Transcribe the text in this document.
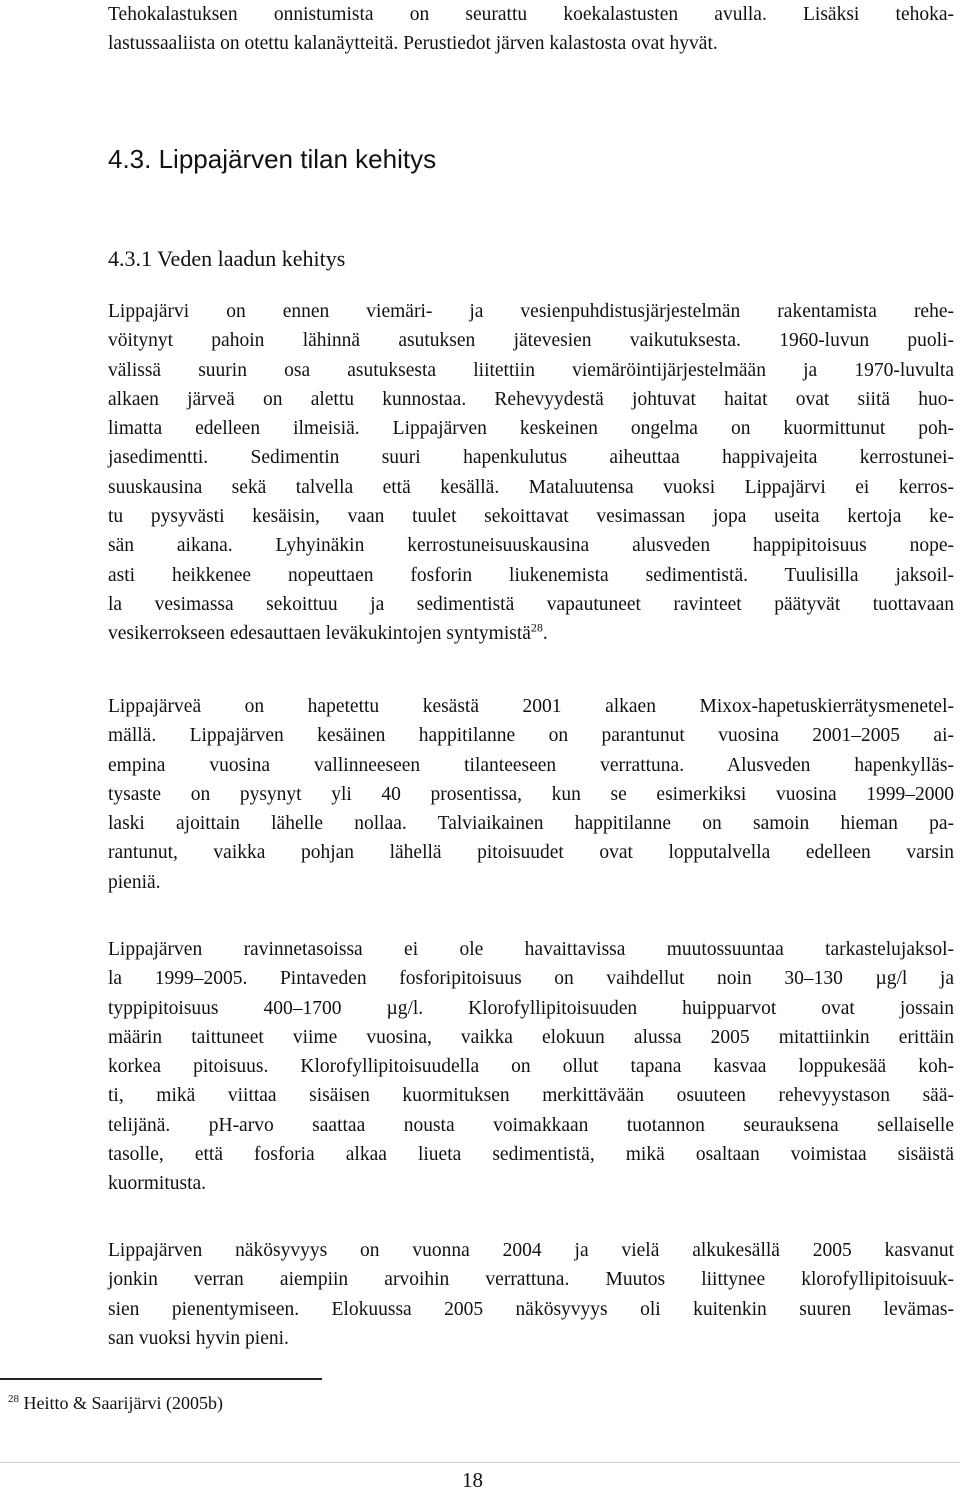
Tehokalastuksen onnistumista on seurattu koekalastusten avulla. Lisäksi tehoka-
lastussaaliista on otettu kalanäytteitä. Perustiedot järven kalastosta ovat hyvät.
4.3. Lippajärven tilan kehitys
4.3.1 Veden laadun kehitys
Lippajärvi on ennen viemäri- ja vesienpuhdistusjärjestelmän rakentamista rehe-
vöitynyt pahoin lähinnä asutuksen jätevesien vaikutuksesta. 1960-luvun puoli-
välissä suurin osa asutuksesta liitettiin viemäröintijärjestelmään ja 1970-luvulta
alkaen järveä on alettu kunnostaa. Rehevyydestä johtuvat haitat ovat siitä huo-
limatta edelleen ilmeisiä. Lippajärven keskeinen ongelma on kuormittunut poh-
jasedimentti. Sedimentin suuri hapenkulutus aiheuttaa happivajeita kerrostunei-
suuskausina sekä talvella että kesällä. Mataluutensa vuoksi Lippajärvi ei kerros-
tu pysyvästi kesäisin, vaan tuulet sekoittavat vesimassan jopa useita kertoja ke-
sän aikana. Lyhyinäkin kerrostuneisuuskausina alusveden happipitoisuus nope-
asti heikkenee nopeuttaen fosforin liukenemista sedimentistä. Tuulisilla jaksoil-
la vesimassa sekoittuu ja sedimentistä vapautuneet ravinteet päätyvät tuottavaan
vesikerrokseen edesauttaen leväkukintojen syntymistä$^{28}$.
Lippajärveä on hapetettu kesästä 2001 alkaen Mixox-hapetuskierrätysmenetel-
mällä. Lippajärven kesäinen happitilanne on parantunut vuosina 2001–2005 ai-
empina vuosina vallinneeseen tilanteeseen verrattuna. Alusveden hapenkylläs-
tysaste on pysynyt yli 40 prosentissa, kun se esimerkiksi vuosina 1999–2000
laski ajoittain lähelle nollaa. Talviaikainen happitilanne on samoin hieman pa-
rantunut, vaikka pohjan lähellä pitoisuudet ovat lopputalvella edelleen varsin
pieniä.
Lippajärven ravinnetasoissa ei ole havaittavissa muutossuuntaa tarkastelujaksol-
la 1999–2005. Pintaveden fosforipitoisuus on vaihdellut noin 30–130 µg/l ja
typpipitoisuus 400–1700 µg/l. Klorofyllipitoisuuden huippuarvot ovat jossain
määrin taittuneet viime vuosina, vaikka elokuun alussa 2005 mitattiinkin erittäin
korkea pitoisuus. Klorofyllipitoisuudella on ollut tapana kasvaa loppukesää koh-
ti, mikä viittaa sisäisen kuormituksen merkittävään osuuteen rehevyystason sää-
telijänä. pH-arvo saattaa nousta voimakkaan tuotannon seurauksena sellaiselle
tasolle, että fosforia alkaa liueta sedimentistä, mikä osaltaan voimistaa sisäistä
kuormitusta.
Lippajärven näkösyvyys on vuonna 2004 ja vielä alkukesällä 2005 kasvanut
jonkin verran aiempiin arvoihin verrattuna. Muutos liittynee klorofyllipitoisuuk-
sien pienentymiseen. Elokuussa 2005 näkösyvyys oli kuitenkin suuren levämas-
san vuoksi hyvin pieni.
$^{28}$ Heitto & Saarijärvi (2005b)
18
